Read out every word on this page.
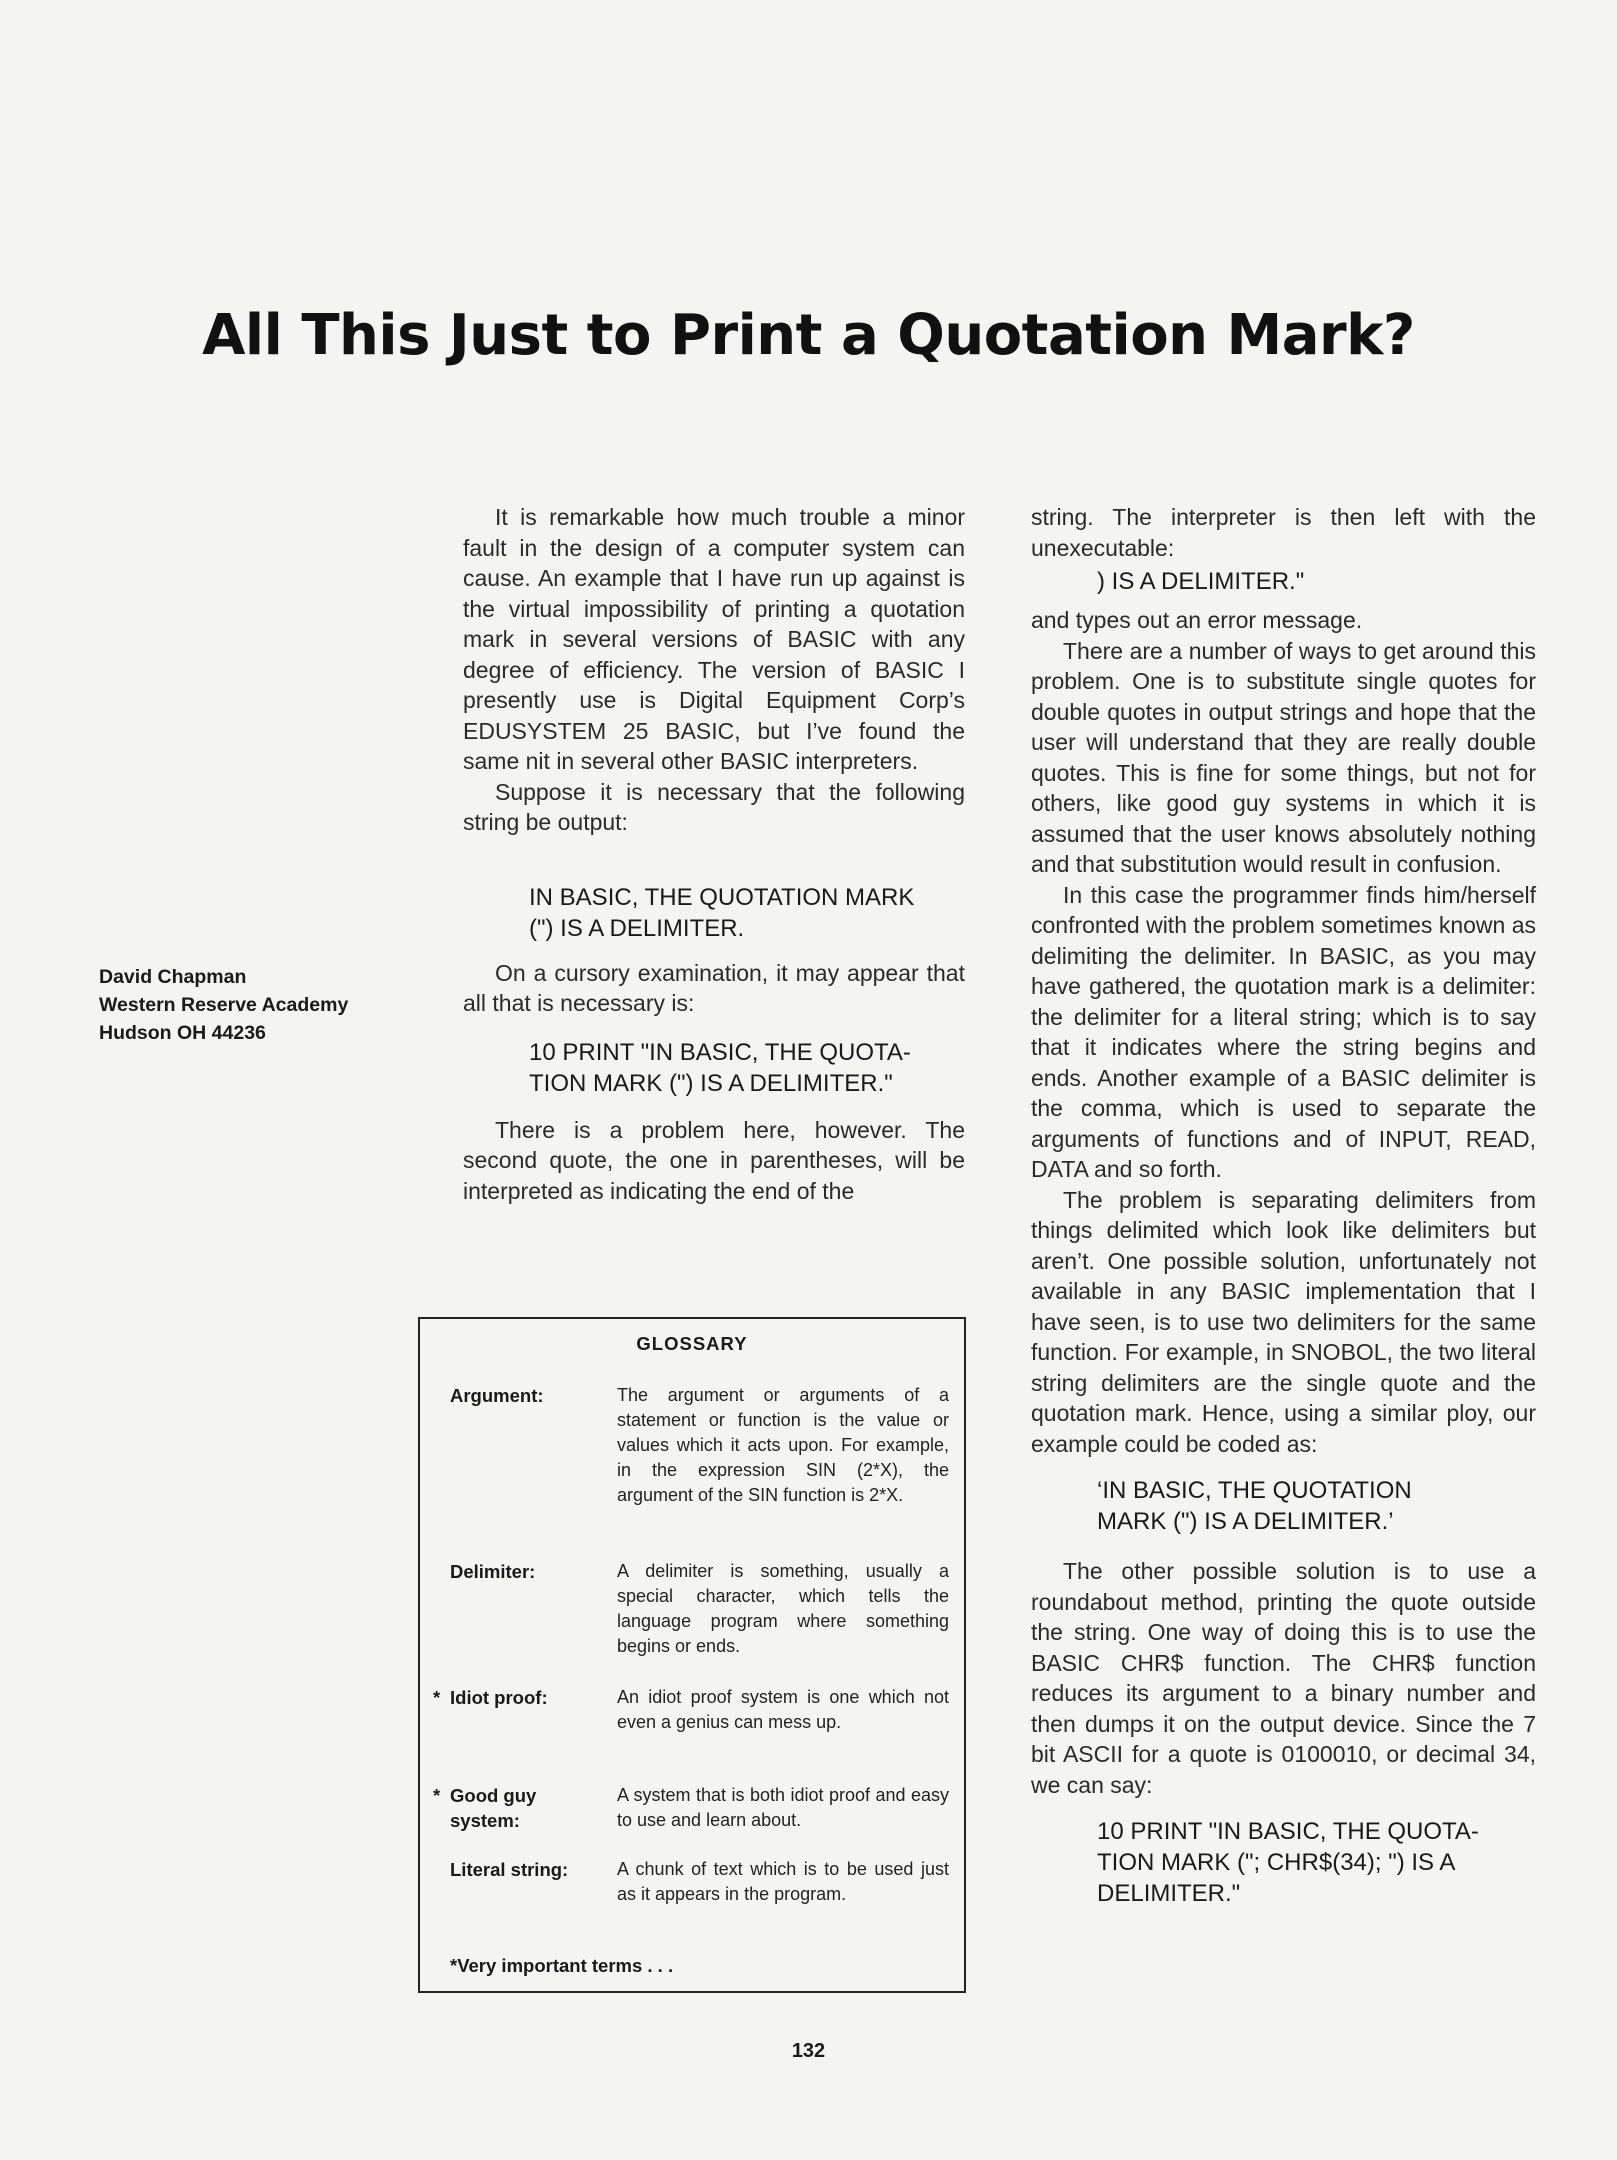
All This Just to Print a Quotation Mark?
David Chapman
Western Reserve Academy
Hudson OH 44236

It is remarkable how much trouble a minor fault in the design of a computer system can cause. An example that I have run up against is the virtual impossibility of printing a quotation mark in several versions of BASIC with any degree of efficiency. The version of BASIC I presently use is Digital Equipment Corp’s EDUSYSTEM 25 BASIC, but I’ve found the same nit in several other BASIC interpreters.

Suppose it is necessary that the following string be output:

IN BASIC, THE QUOTATION MARK
(") IS A DELIMITER.

On a cursory examination, it may appear that all that is necessary is:

10 PRINT "IN BASIC, THE QUOTA-
TION MARK (") IS A DELIMITER."

There is a problem here, however. The second quote, the one in parentheses, will be interpreted as indicating the end of the

string. The interpreter is then left with the unexecutable:

) IS A DELIMITER."

and types out an error message.

There are a number of ways to get around this problem. One is to substitute single quotes for double quotes in output strings and hope that the user will understand that they are really double quotes. This is fine for some things, but not for others, like good guy systems in which it is assumed that the user knows absolutely nothing and that substitution would result in confusion.

In this case the programmer finds him/herself confronted with the problem sometimes known as delimiting the delimiter. In BASIC, as you may have gathered, the quotation mark is a delimiter: the delimiter for a literal string; which is to say that it indicates where the string begins and ends. Another example of a BASIC delimiter is the comma, which is used to separate the arguments of functions and of INPUT, READ, DATA and so forth.

The problem is separating delimiters from things delimited which look like delimiters but aren’t. One possible solution, unfortunately not available in any BASIC implementation that I have seen, is to use two delimiters for the same function. For example, in SNOBOL, the two literal string delimiters are the single quote and the quotation mark. Hence, using a similar ploy, our example could be coded as:

‘IN BASIC, THE QUOTATION
MARK (") IS A DELIMITER.’

The other possible solution is to use a roundabout method, printing the quote outside the string. One way of doing this is to use the BASIC CHR$ function. The CHR$ function reduces its argument to a binary number and then dumps it on the output device. Since the 7 bit ASCII for a quote is 0100010, or decimal 34, we can say:

10 PRINT "IN BASIC, THE QUOTA-
TION MARK ("; CHR$(34); ") IS A
DELIMITER."
GLOSSARY
Argument:	The argument or arguments of a statement or function is the value or values which it acts upon. For example, in the expression SIN (2*X), the argument of the SIN function is 2*X.
Delimiter:	A delimiter is something, usually a special character, which tells the language program where something begins or ends.
* Idiot proof:	An idiot proof system is one which not even a genius can mess up.
* Good guy system:
A system that is both idiot proof and easy to use and learn about.
Literal string:	A chunk of text which is to be used just as it appears in the program.
*Very important terms . . .
132
